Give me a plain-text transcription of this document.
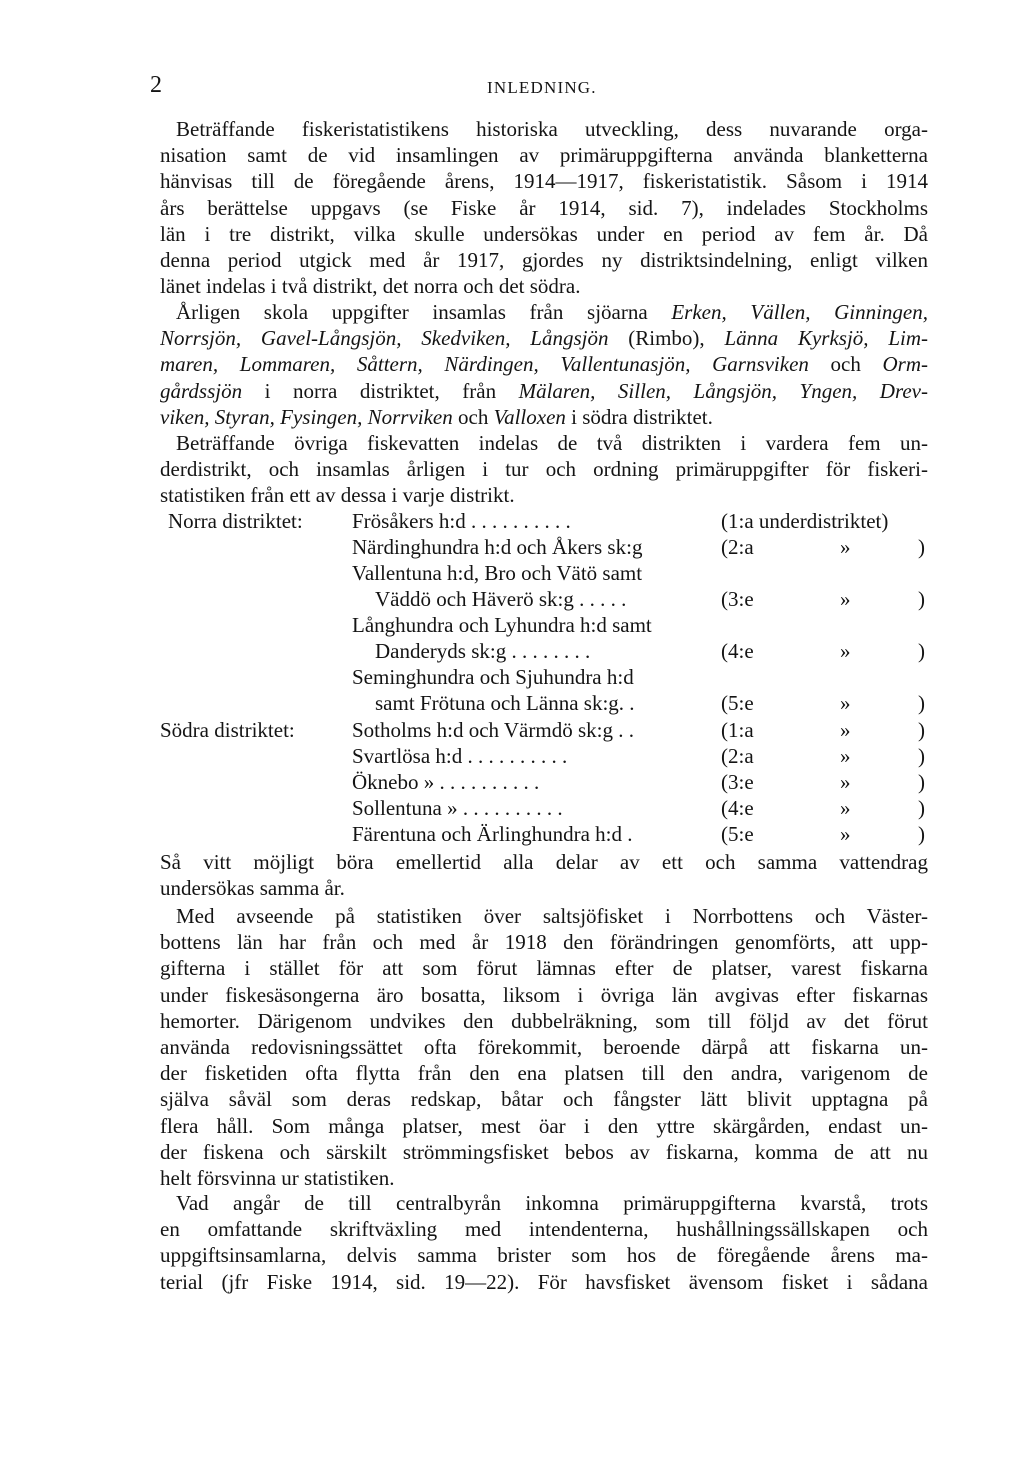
2	INLEDNING.
Beträffande fiskeristatistikens historiska utveckling, dess nuvarande orga-
nisation samt de vid insamlingen av primäruppgifterna använda blanketterna
hänvisas till de föregående årens, 1914—1917, fiskeristatistik. Såsom i 1914
års berättelse uppgavs (se Fiske år 1914, sid. 7), indelades Stockholms
län i tre distrikt, vilka skulle undersökas under en period av fem år. Då
denna period utgick med år 1917, gjordes ny distriktsindelning, enligt vilken
länet indelas i två distrikt, det norra och det södra.
Årligen skola uppgifter insamlas från sjöarna Erken, Vällen, Ginningen,
Norrsjön, Gavel-Långsjön, Skedviken, Långsjön (Rimbo), Länna Kyrksjö, Lim-
maren, Lommaren, Såttern, Närdingen, Vallentunasjön, Garnsviken och Orm-
gårdssjön i norra distriktet, från Mälaren, Sillen, Långsjön, Yngen, Drev-
viken, Styran, Fysingen, Norrviken och Valloxen i södra distriktet.
Beträffande övriga fiskevatten indelas de två distrikten i vardera fem un-
derdistrikt, och insamlas årligen i tur och ordning primäruppgifter för fiskeri-
statistiken från ett av dessa i varje distrikt.
Norra distriktet: Frösåkers h:d . . . . . . . . . .	(1:a underdistriktet)
Närdinghundra h:d och Åkers sk:g	(2:a	»	)
Vallentuna h:d, Bro och Vätö samt
Väddö och Häverö sk:g . . . . .	(3:e	»	)
Långhundra och Lyhundra h:d samt
Danderyds sk:g . . . . . . . .	(4:e	»	)
Seminghundra och Sjuhundra h:d
samt Frötuna och Länna sk:g. .	(5:e	»	)
Södra distriktet:	Sotholms h:d och Värmdö sk:g . .	(1:a	»	)
Svartlösa h:d . . . . . . . . . .	(2:a	»	)
Öknebo » . . . . . . . . . .	(3:e	»	)
Sollentuna » . . . . . . . . . .	(4:e	»	)
Färentuna och Ärlinghundra h:d .	(5:e	»	)
Så vitt möjligt böra emellertid alla delar av ett och samma vattendrag
undersökas samma år.
Med avseende på statistiken över saltsjöfisket i Norrbottens och Väster-
bottens län har från och med år 1918 den förändringen genomförts, att upp-
gifterna i stället för att som förut lämnas efter de platser, varest fiskarna
under fiskesäsongerna äro bosatta, liksom i övriga län avgivas efter fiskarnas
hemorter. Därigenom undvikes den dubbelräkning, som till följd av det förut
använda redovisningssättet ofta förekommit, beroende därpå att fiskarna un-
der fisketiden ofta flytta från den ena platsen till den andra, varigenom de
själva såväl som deras redskap, båtar och fångster lätt blivit upptagna på
flera håll. Som många platser, mest öar i den yttre skärgården, endast un-
der fiskena och särskilt strömmingsfisket bebos av fiskarna, komma de att nu
helt försvinna ur statistiken.
Vad angår de till centralbyrån inkomna primäruppgifterna kvarstå, trots
en omfattande skriftväxling med intendenterna, hushållningssällskapen och
uppgiftsinsamlarna, delvis samma brister som hos de föregående årens ma-
terial (jfr Fiske 1914, sid. 19—22). För havsfisket ävensom fisket i sådana
